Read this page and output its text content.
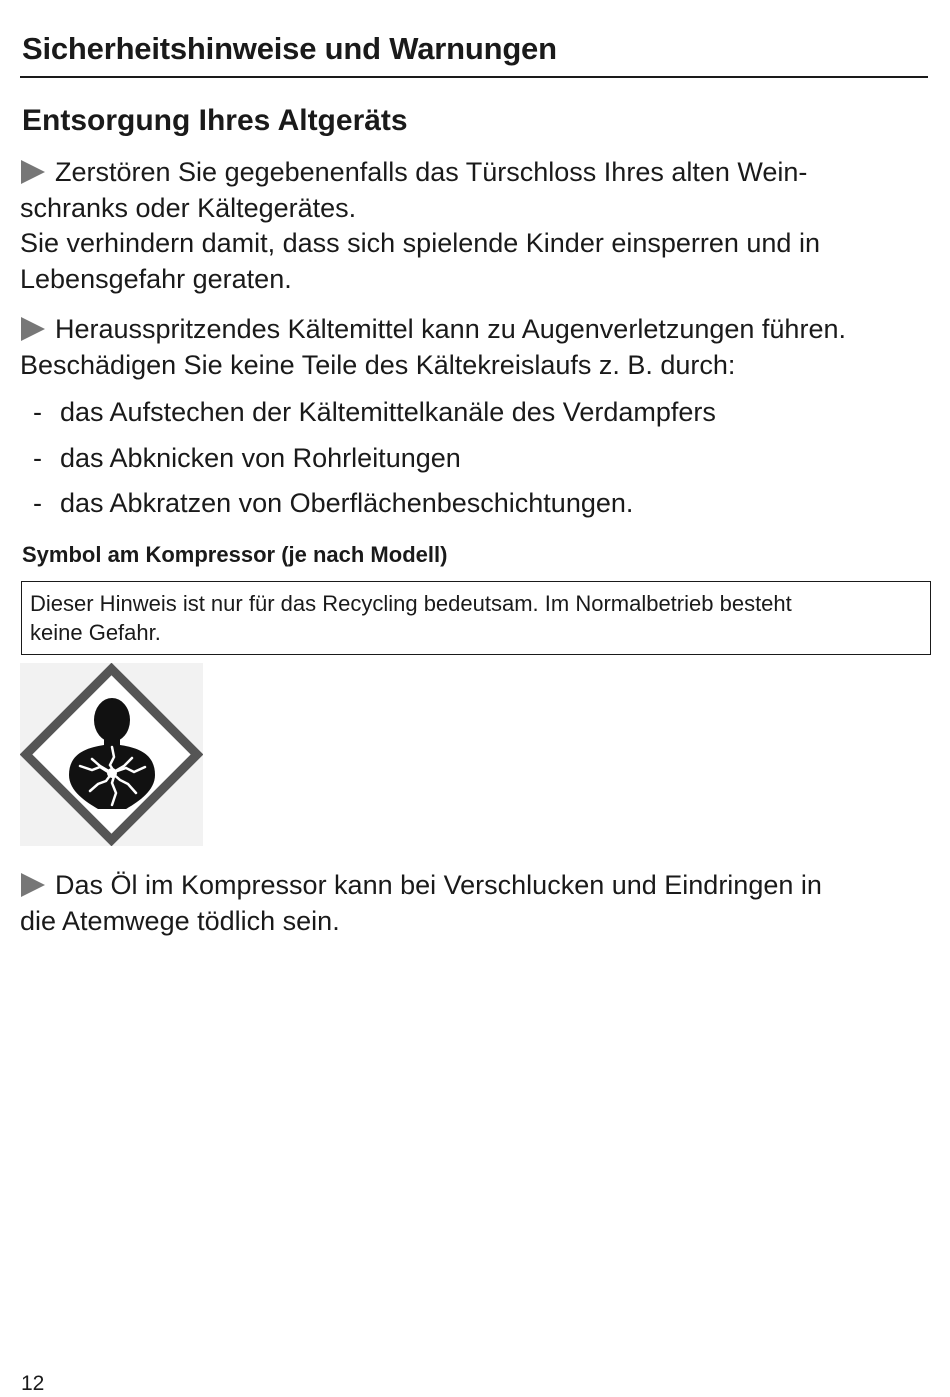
Sicherheitshinweise und Warnungen
Entsorgung Ihres Altgeräts

Zerstören Sie gegebenenfalls das Türschloss Ihres alten Wein-
schranks oder Kältegerätes.
Sie verhindern damit, dass sich spielende Kinder einsperren und in
Lebensgefahr geraten.

Herausspritzendes Kältemittel kann zu Augenverletzungen führen.
Beschädigen Sie keine Teile des Kältekreislaufs z. B. durch:

- das Aufstechen der Kältemittelkanäle des Verdampfers
- das Abknicken von Rohrleitungen
- das Abkratzen von Oberflächenbeschichtungen.

Symbol am Kompressor (je nach Modell)

Dieser Hinweis ist nur für das Recycling bedeutsam. Im Normalbetrieb besteht
keine Gefahr.

Das Öl im Kompressor kann bei Verschlucken und Eindringen in
die Atemwege tödlich sein.

12
